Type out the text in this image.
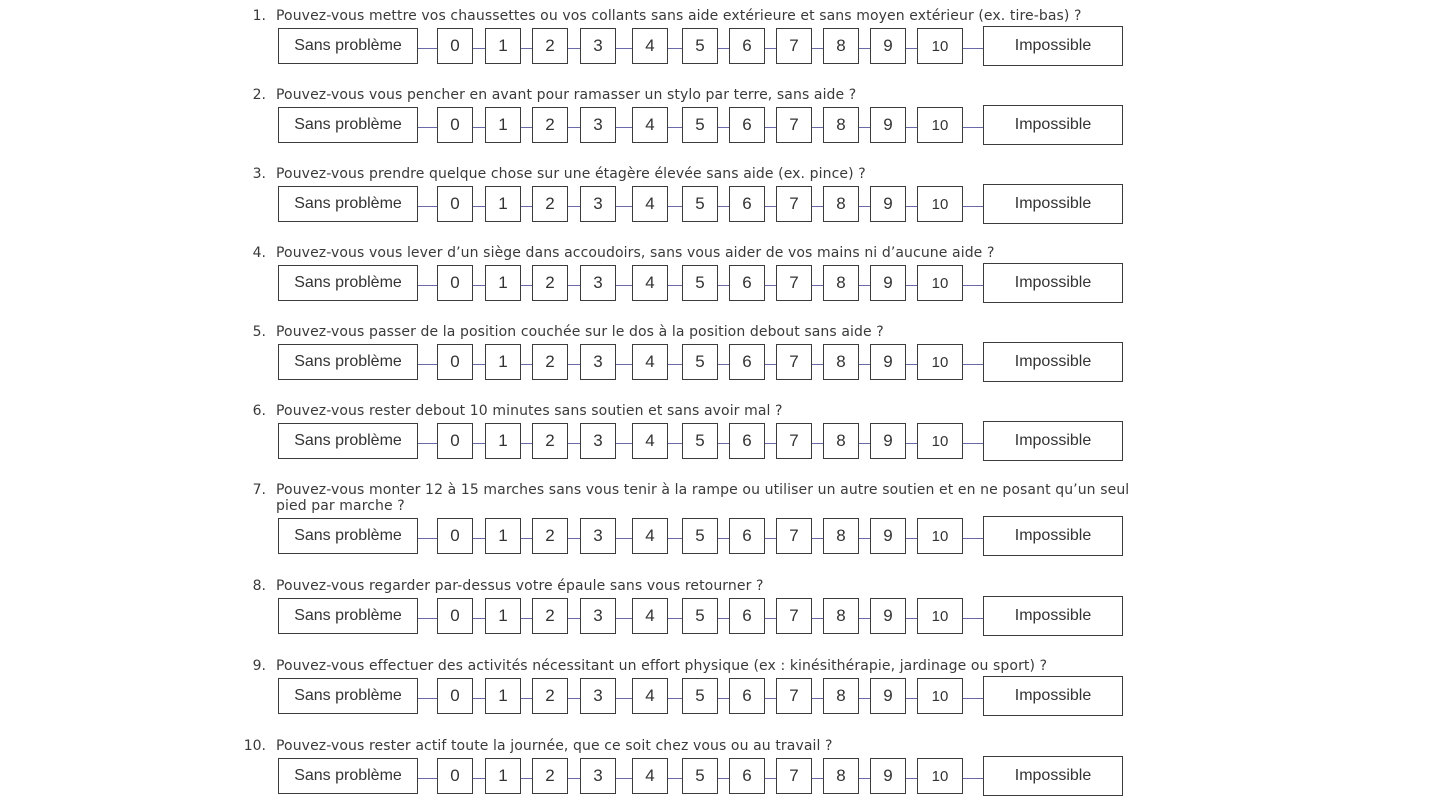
1. Pouvez-vous mettre vos chaussettes ou vos collants sans aide extérieure et sans moyen extérieur (ex. tire-bas) ?
Sans problème	0	1	2	3	4	5	6	7	8	9	10	Impossible
2. Pouvez-vous vous pencher en avant pour ramasser un stylo par terre, sans aide ?
Sans problème	0	1	2	3	4	5	6	7	8	9	10	Impossible
3. Pouvez-vous prendre quelque chose sur une étagère élevée sans aide (ex. pince) ?
Sans problème	0	1	2	3	4	5	6	7	8	9	10	Impossible
4. Pouvez-vous vous lever d’un siège dans accoudoirs, sans vous aider de vos mains ni d’aucune aide ?
Sans problème	0	1	2	3	4	5	6	7	8	9	10	Impossible
5. Pouvez-vous passer de la position couchée sur le dos à la position debout sans aide ?
Sans problème	0	1	2	3	4	5	6	7	8	9	10	Impossible
6. Pouvez-vous rester debout 10 minutes sans soutien et sans avoir mal ?
Sans problème	0	1	2	3	4	5	6	7	8	9	10	Impossible
7. Pouvez-vous monter 12 à 15 marches sans vous tenir à la rampe ou utiliser un autre soutien et en ne posant qu’un seul pied par marche ?
Sans problème	0	1	2	3	4	5	6	7	8	9	10	Impossible
8. Pouvez-vous regarder par-dessus votre épaule sans vous retourner ?
Sans problème	0	1	2	3	4	5	6	7	8	9	10	Impossible
9. Pouvez-vous effectuer des activités nécessitant un effort physique (ex : kinésithérapie, jardinage ou sport) ?
Sans problème	0	1	2	3	4	5	6	7	8	9	10	Impossible
10. Pouvez-vous rester actif toute la journée, que ce soit chez vous ou au travail ?
Sans problème	0	1	2	3	4	5	6	7	8	9	10	Impossible
